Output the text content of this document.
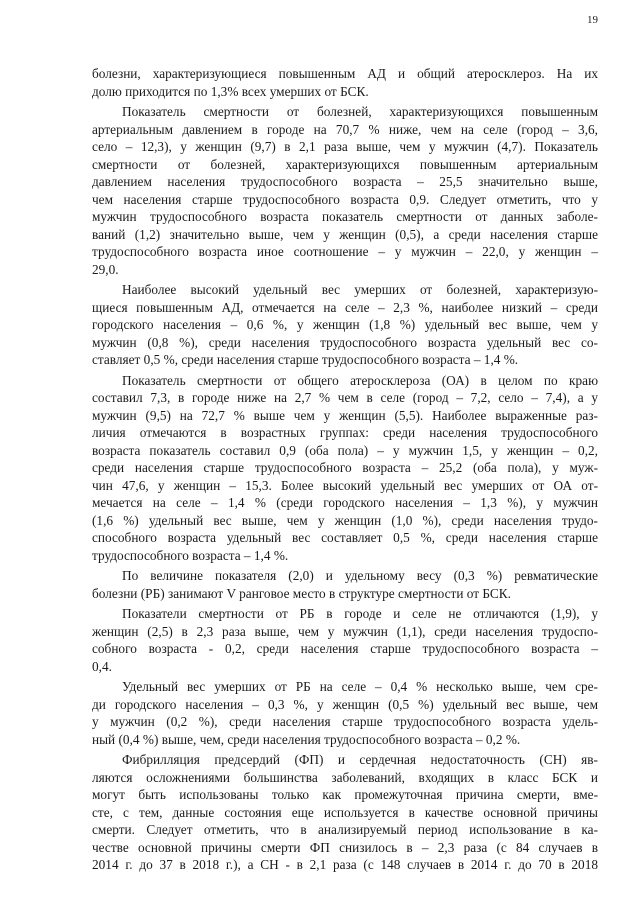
19

болезни, характеризующиеся повышенным АД и общий атеросклероз. На их
долю приходится по 1,3% всех умерших от БСК.

Показатель смертности от болезней, характеризующихся повышенным
артериальным давлением в городе на 70,7 % ниже, чем на селе (город – 3,6,
село – 12,3), у женщин (9,7) в 2,1 раза выше, чем у мужчин (4,7). Показатель
смертности от болезней, характеризующихся повышенным артериальным
давлением населения трудоспособного возраста – 25,5 значительно выше,
чем населения старше трудоспособного возраста 0,9. Следует отметить, что у
мужчин трудоспособного возраста показатель смертности от данных заболе-
ваний (1,2) значительно выше, чем у женщин (0,5), а среди населения старше
трудоспособного возраста иное соотношение – у мужчин – 22,0, у женщин –
29,0.

Наиболее высокий удельный вес умерших от болезней, характеризую-
щиеся повышенным АД, отмечается на селе – 2,3 %, наиболее низкий – среди
городского населения – 0,6 %, у женщин (1,8 %) удельный вес выше, чем у
мужчин (0,8 %), среди населения трудоспособного возраста удельный вес со-
ставляет 0,5 %, среди населения старше трудоспособного возраста – 1,4 %.

Показатель смертности от общего атеросклероза (ОА) в целом по краю
составил 7,3, в городе ниже на 2,7 % чем в селе (город – 7,2, село – 7,4), а у
мужчин (9,5) на 72,7 % выше чем у женщин (5,5). Наиболее выраженные раз-
личия отмечаются в возрастных группах: среди населения трудоспособного
возраста показатель составил 0,9 (оба пола) – у мужчин 1,5, у женщин – 0,2,
среди населения старше трудоспособного возраста – 25,2 (оба пола), у муж-
чин 47,6, у женщин – 15,3. Более высокий удельный вес умерших от ОА от-
мечается на селе – 1,4 % (среди городского населения – 1,3 %), у мужчин
(1,6 %) удельный вес выше, чем у женщин (1,0 %), среди населения трудо-
способного возраста удельный вес составляет 0,5 %, среди населения старше
трудоспособного возраста – 1,4 %.

По величине показателя (2,0) и удельному весу (0,3 %) ревматические
болезни (РБ) занимают V ранговое место в структуре смертности от БСК.

Показатели смертности от РБ в городе и селе не отличаются (1,9), у
женщин (2,5) в 2,3 раза выше, чем у мужчин (1,1), среди населения трудоспо-
собного возраста - 0,2, среди населения старше трудоспособного возраста –
0,4.

Удельный вес умерших от РБ на селе – 0,4 % несколько выше, чем сре-
ди городского населения – 0,3 %, у женщин (0,5 %) удельный вес выше, чем
у мужчин (0,2 %), среди населения старше трудоспособного возраста удель-
ный (0,4 %) выше, чем, среди населения трудоспособного возраста – 0,2 %.

Фибрилляция предсердий (ФП) и сердечная недостаточность (СН) яв-
ляются осложнениями большинства заболеваний, входящих в класс БСК и
могут быть использованы только как промежуточная причина смерти, вме-
сте, с тем, данные состояния еще используется в качестве основной причины
смерти. Следует отметить, что в анализируемый период использование в ка-
честве основной причины смерти ФП снизилось в – 2,3 раза (с 84 случаев в
2014 г. до 37 в 2018 г.), а СН - в 2,1 раза (с 148 случаев в 2014 г. до 70 в 2018
